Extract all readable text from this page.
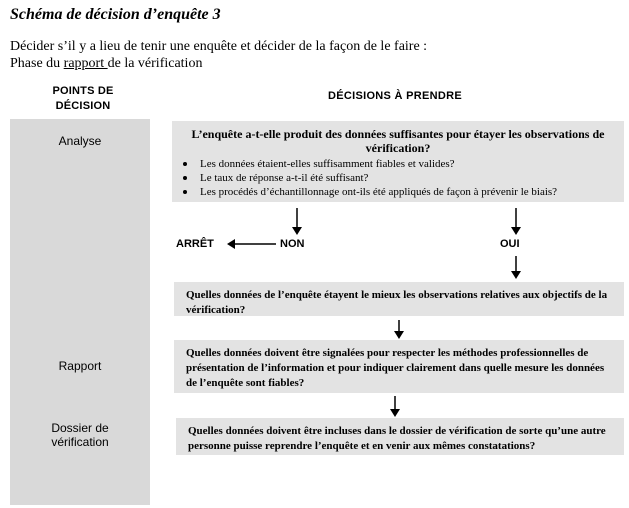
Schéma de décision d’enquête 3
Décider s’il y a lieu de tenir une enquête et décider de la façon de le faire :
Phase du rapport de la vérification
POINTS DE
DÉCISION
DÉCISIONS À PRENDRE
Analyse
Rapport
Dossier de
vérification
L’enquête a-t-elle produit des données suffisantes pour étayer les observations de vérification?
Les données étaient-elles suffisamment fiables et valides?
Le taux de réponse a-t-il été suffisant?
Les procédés d’échantillonnage ont-ils été appliqués de façon à prévenir le biais?
ARRÊT	NON	OUI
Quelles données de l’enquête étayent le mieux les observations relatives aux objectifs de la vérification?
Quelles données doivent être signalées pour respecter les méthodes professionnelles de présentation de l’information et pour indiquer clairement dans quelle mesure les données de l’enquête sont fiables?
Quelles données doivent être incluses dans le dossier de vérification de sorte qu’une autre personne puisse reprendre l’enquête et en venir aux mêmes constatations?
